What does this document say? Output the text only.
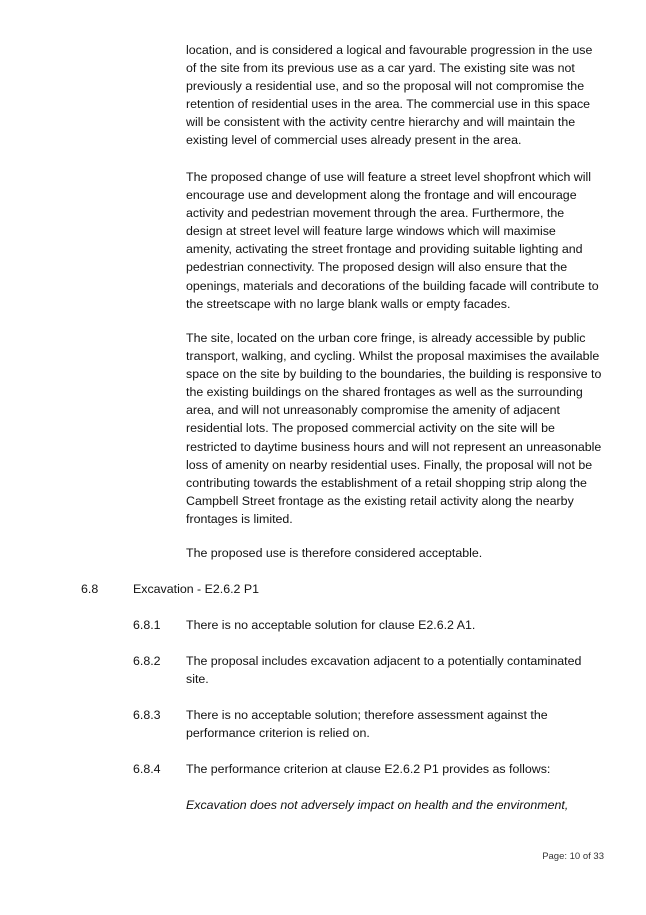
location, and is considered a logical and favourable progression in the use of the site from its previous use as a car yard. The existing site was not previously a residential use, and so the proposal will not compromise the retention of residential uses in the area. The commercial use in this space will be consistent with the activity centre hierarchy and will maintain the existing level of commercial uses already present in the area.

The proposed change of use will feature a street level shopfront which will encourage use and development along the frontage and will encourage activity and pedestrian movement through the area. Furthermore, the design at street level will feature large windows which will maximise amenity, activating the street frontage and providing suitable lighting and pedestrian connectivity. The proposed design will also ensure that the openings, materials and decorations of the building facade will contribute to the streetscape with no large blank walls or empty facades.

The site, located on the urban core fringe, is already accessible by public transport, walking, and cycling. Whilst the proposal maximises the available space on the site by building to the boundaries, the building is responsive to the existing buildings on the shared frontages as well as the surrounding area, and will not unreasonably compromise the amenity of adjacent residential lots. The proposed commercial activity on the site will be restricted to daytime business hours and will not represent an unreasonable loss of amenity on nearby residential uses. Finally, the proposal will not be contributing towards the establishment of a retail shopping strip along the Campbell Street frontage as the existing retail activity along the nearby frontages is limited.

The proposed use is therefore considered acceptable.

6.8	Excavation - E2.6.2 P1
6.8.1 There is no acceptable solution for clause E2.6.2 A1.
6.8.2 The proposal includes excavation adjacent to a potentially contaminated site.
6.8.3 There is no acceptable solution; therefore assessment against the performance criterion is relied on.
6.8.4 The performance criterion at clause E2.6.2 P1 provides as follows:

Excavation does not adversely impact on health and the environment,

Page: 10 of 33
